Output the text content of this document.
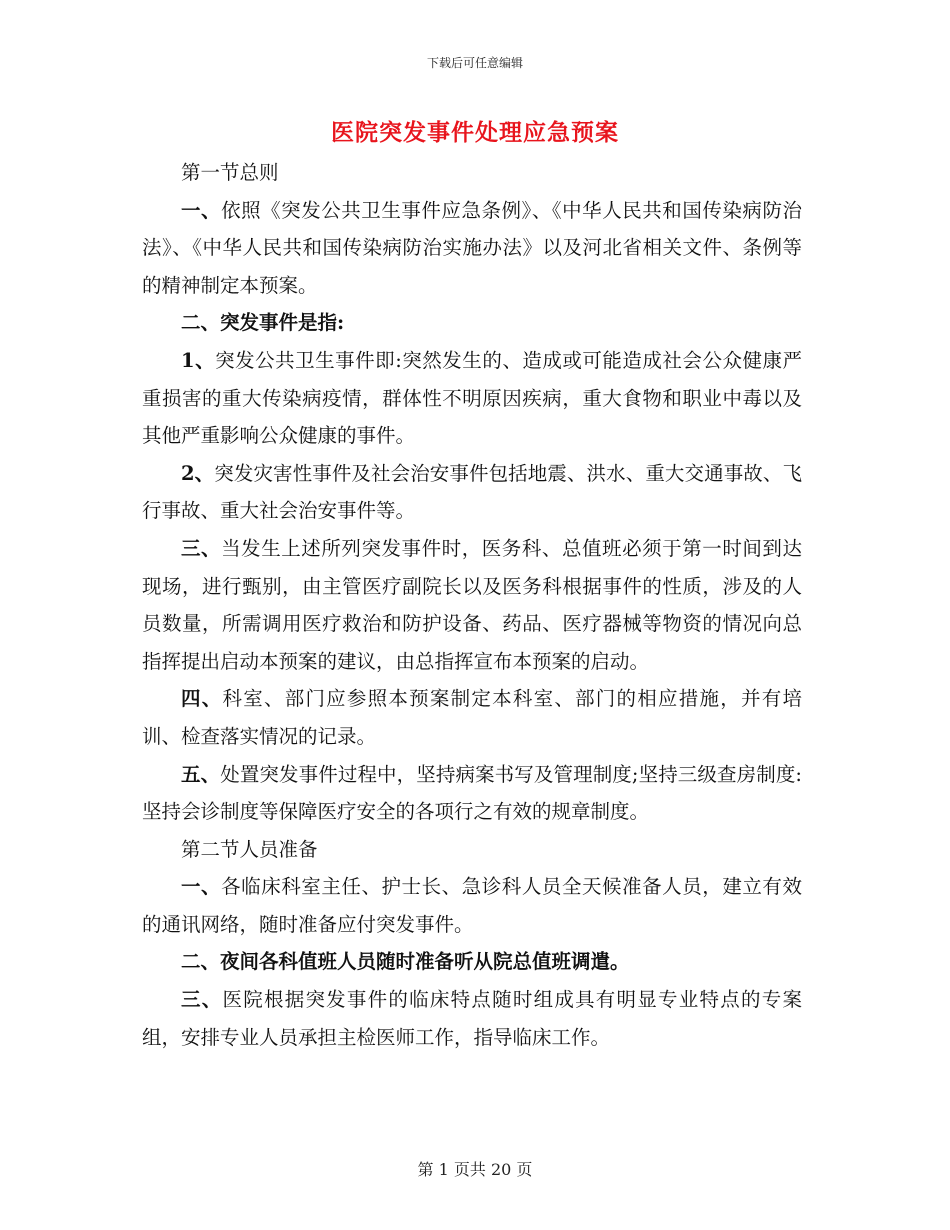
下载后可任意编辑
医院突发事件处理应急预案

第一节总则

一、依照《突发公共卫生事件应急条例》、《中华人民共和国传染病防治法》、《中华人民共和国传染病防治实施办法》以及河北省相关文件、条例等的精神制定本预案。

二、突发事件是指:

1、突发公共卫生事件即:突然发生的、造成或可能造成社会公众健康严重损害的重大传染病疫情，群体性不明原因疾病，重大食物和职业中毒以及其他严重影响公众健康的事件。

2、突发灾害性事件及社会治安事件包括地震、洪水、重大交通事故、飞行事故、重大社会治安事件等。

三、当发生上述所列突发事件时，医务科、总值班必须于第一时间到达现场，进行甄别，由主管医疗副院长以及医务科根据事件的性质，涉及的人员数量，所需调用医疗救治和防护设备、药品、医疗器械等物资的情况向总指挥提出启动本预案的建议，由总指挥宣布本预案的启动。

四、科室、部门应参照本预案制定本科室、部门的相应措施，并有培训、检查落实情况的记录。

五、处置突发事件过程中，坚持病案书写及管理制度;坚持三级查房制度:坚持会诊制度等保障医疗安全的各项行之有效的规章制度。

第二节人员准备

一、各临床科室主任、护士长、急诊科人员全天候准备人员，建立有效的通讯网络，随时准备应付突发事件。

二、夜间各科值班人员随时准备听从院总值班调遣。

三、医院根据突发事件的临床特点随时组成具有明显专业特点的专案组，安排专业人员承担主检医师工作，指导临床工作。

第 1 页共 20 页
